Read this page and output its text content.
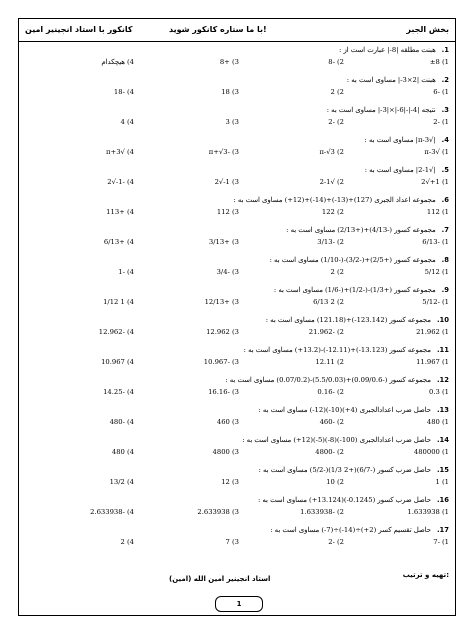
بخش الجبر
با ما ستاره کانکور شوید!
کانکور با استاد انجینیر امین
1.هبنت مطلقه |8-| عبارت است از :
1) ±8
2) -8
3) +8
4) هیچکدام
2.هبنت |2×3-| مساوی است به :
1) -6
2) 2
3) 18
4) -18
3.نتیجه |4-|-|6-|×|3-| مساوی است به :
1) -2
2) -2
3) 3
4) 4
4.|√3-π| مساوی است به :
1) √3-π
2) π-√3
3) -π+√3
4) √3+π
5.|√2-1| مساوی است به :
1) 1+√2
2) √2-1
3) 1-√2
4) -1-√2
6.مجموعه اعداد الجبری (127)+(13-)+(14-)+(12+) مساوی است به :
1) 112
2) 122
3) 112
4) +113
7.مجموعه کسور (-4/13)+(+2/13) مساوی است به :
1) -6/13
2) -3/13
3) +3/13
4) +6/13
8.مجموعه کسور (+2/5)+(-3/2)-(-1/10) مساوی است به :
1) 5/12
2) 2
3) -3/4
4) -1
9.مجموعه کسور (+1/3)-(-1/2)+(-1/6) مساوی است به :
1) -5/12
2) 2 6/13
3) +12/13
4) 1 1/12
10.مجموعه کسور (123.142-)+(121.18) مساوی است به :
1) 21.962
2) -21.962
3) 12.962
4) -12.962
11.مجموعه کسور (13.123-)+(12.11-)-(13.2+) مساوی است به :
1) 11.967
2) 12.11
3) -10.967
4) 10.967
12.مجموعه کسور (-0.09/0.6)+(5.5/0.03)-(0.07/0.2) مساوی است به :
1) 0.3
2) -0.16
3) -16.16
4) -14.25
13.حاصل ضرب اعدادالجبری (4+)(10-)(12-) مساوی است به :
1) 480
2) -460
3) 460
4) -480
14.حاصل ضرب اعدادالجبری (100-)(8-)(5-)(12+) مساوی است به :
1) 480000
2) -4800
3) 4800
4) 480
15.حاصل ضرب کسور (-6/7)(+2 1/3)(-5/2) مساوی است به :
1) 1
2) 10
3) 12
4) 13/2
16.حاصل ضرب کسور (0.1245-)(13.124+) مساوی است به :
1) 1.633938
2) -1.633938
3) 2.633938
4) -2.633938
17.حاصل تقسیم کسر (2+)÷(14-)÷(7-) مساوی است به :
1) -7
2) -2
3) 7
4) 2
تهیه و ترتیب:
استاد انجینیر امین الله (امین)
1
